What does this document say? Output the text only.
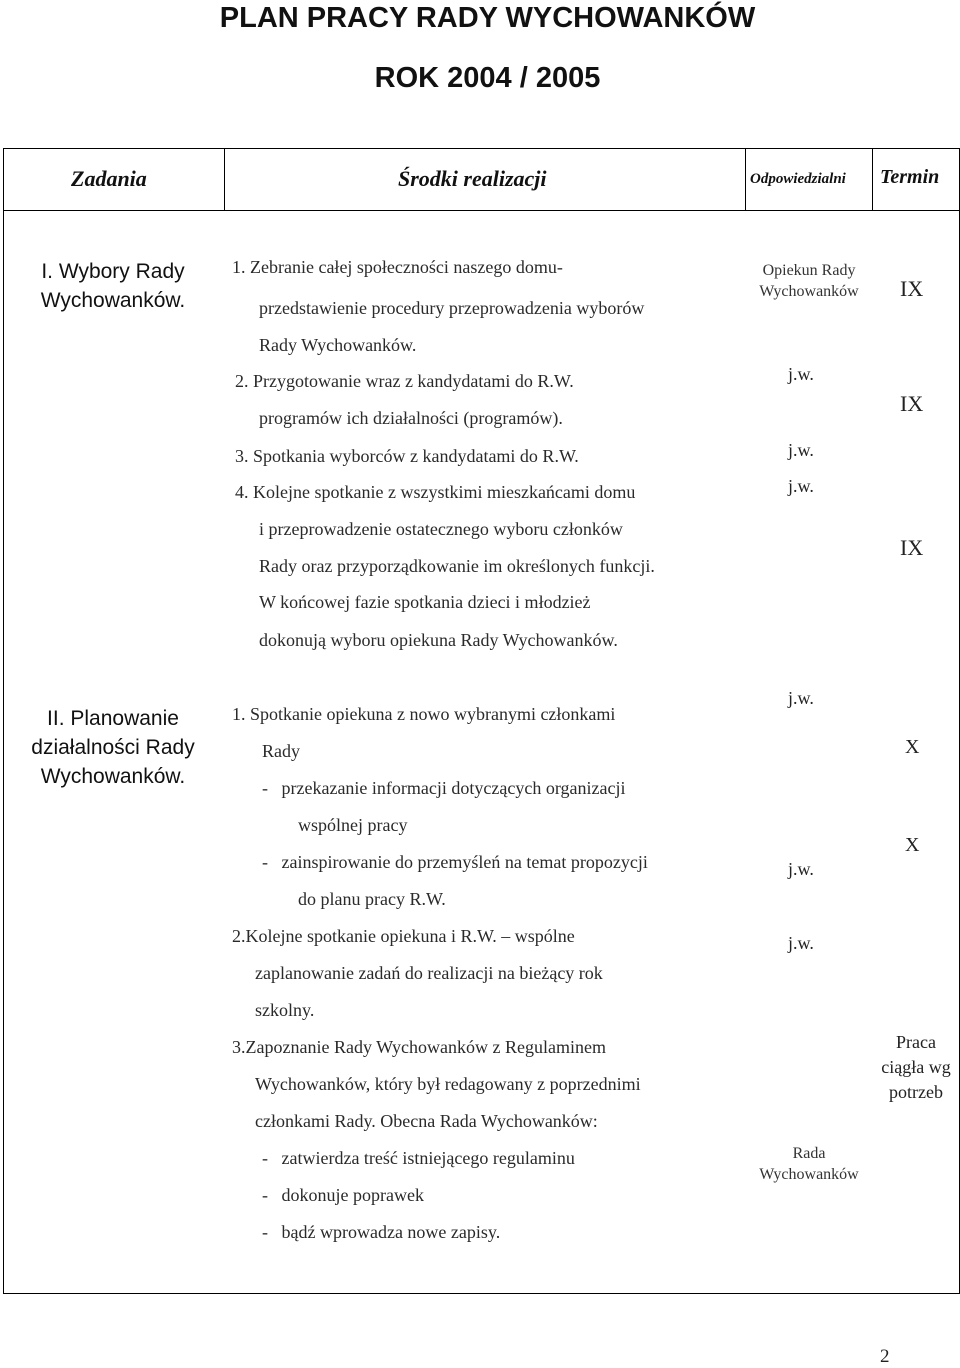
PLAN PRACY RADY WYCHOWANKÓW
ROK 2004 / 2005
Zadania	Środki realizacji	Odpowiedzialni Termin
I. Wybory Rady Wychowanków.
1. Zebranie całej społeczności naszego domu-
przedstawienie procedury przeprowadzenia wyborów
Rady Wychowanków.
2. Przygotowanie wraz z kandydatami do R.W.
programów ich działalności (programów).
3. Spotkania wyborców z kandydatami do R.W.
4. Kolejne spotkanie z wszystkimi mieszkańcami domu
i przeprowadzenie ostatecznego wyboru członków
Rady oraz przyporządkowanie im określonych funkcji.
W końcowej fazie spotkania dzieci i młodzież
dokonują wyboru opiekuna Rady Wychowanków.
Opiekun Rady Wychowanków
j.w.
j.w.
j.w.
IX
IX
IX
II. Planowanie działalności Rady Wychowanków.
1. Spotkanie opiekuna z nowo wybranymi członkami
Rady
-   przekazanie informacji dotyczących organizacji
wspólnej pracy
-   zainspirowanie do przemyśleń na temat propozycji
do planu pracy R.W.
2.Kolejne spotkanie opiekuna i R.W. – wspólne
zaplanowanie zadań do realizacji na bieżący rok
szkolny.
3.Zapoznanie Rady Wychowanków z Regulaminem
Wychowanków, który był redagowany z poprzednimi
członkami Rady. Obecna Rada Wychowanków:
-   zatwierdza treść istniejącego regulaminu
-   dokonuje poprawek
-   bądź wprowadza nowe zapisy.
j.w.
j.w.
j.w.
Rada Wychowanków
X
X
Praca ciągła wg potrzeb
2
